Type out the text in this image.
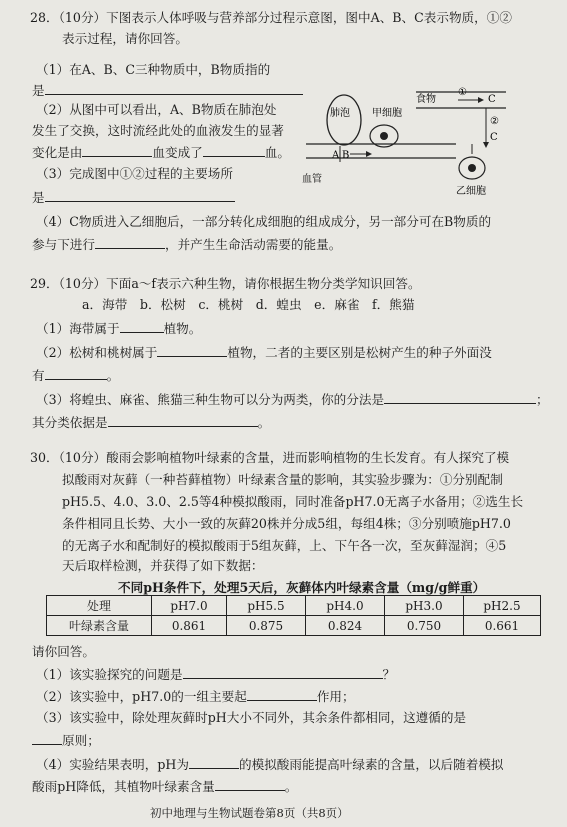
28．（10分）下图表示人体呼吸与营养部分过程示意图，图中A、B、C表示物质，①②
表示过程，请你回答。
（1）在A、B、C三种物质中，B物质指的
是
（2）从图中可以看出，A、B物质在肺泡处
发生了交换，这时流经此处的血液发生的显著
变化是由	血变成了	血。
（3）完成图中①②过程的主要场所
是
（4）C物质进入乙细胞后，一部分转化成细胞的组成成分，另一部分可在B物质的
参与下进行	，并产生生命活动需要的能量。
肺泡 甲细胞
血管
食物
①
②
C
C
A B
乙细胞
29．（10分）下面a～f表示六种生物，请你根据生物分类学知识回答。
a．海带　b．松树　c．桃树　d．蝗虫　e．麻雀　f．熊猫
（1）海带属于	植物。
（2）松树和桃树属于	植物，二者的主要区别是松树产生的种子外面没
有	。
（3）将蝗虫、麻雀、熊猫三种生物可以分为两类，你的分法是	；
其分类依据是	。
30．（10分）酸雨会影响植物叶绿素的含量，进而影响植物的生长发育。有人探究了模
拟酸雨对灰藓（一种苔藓植物）叶绿素含量的影响，其实验步骤为：①分别配制
pH5.5、4.0、3.0、2.5等4种模拟酸雨，同时准备pH7.0无离子水备用；②选生长
条件相同且长势、大小一致的灰藓20株并分成5组，每组4株；③分别喷施pH7.0
的无离子水和配制好的模拟酸雨于5组灰藓，上、下午各一次，至灰藓湿润；④5
天后取样检测，并获得了如下数据：
不同pH条件下，处理5天后，灰藓体内叶绿素含量（mg/g鲜重）
处理	pH7.0	pH5.5	pH4.0	pH3.0	pH2.5
叶绿素含量	0.861	0.875	0.824	0.750	0.661
请你回答。
（1）该实验探究的问题是	？
（2）该实验中，pH7.0的一组主要起	作用；
（3）该实验中，除处理灰藓时pH大小不同外，其余条件都相同，这遵循的是
原则；
（4）实验结果表明，pH为	的模拟酸雨能提高叶绿素的含量，以后随着模拟
酸雨pH降低，其植物叶绿素含量	。
初中地理与生物试题卷第8页（共8页）
